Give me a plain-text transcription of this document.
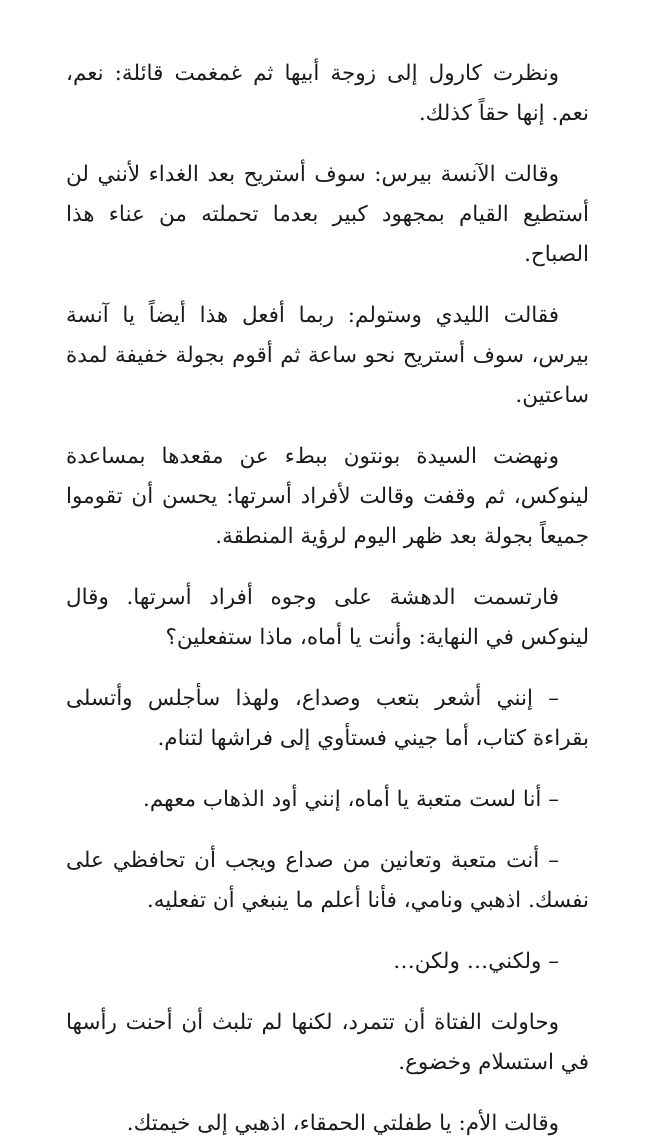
ونظرت كارول إلى زوجة أبيها ثم غمغمت قائلة: نعم، نعم. إنها حقاً كذلك.

وقالت الآنسة بيرس: سوف أستريح بعد الغداء لأنني لن أستطيع القيام بمجهود كبير بعدما تحملته من عناء هذا الصباح.

فقالت الليدي وستولم: ربما أفعل هذا أيضاً يا آنسة بيرس، سوف أستريح نحو ساعة ثم أقوم بجولة خفيفة لمدة ساعتين.

ونهضت السيدة بونتون ببطء عن مقعدها بمساعدة لينوكس، ثم وقفت وقالت لأفراد أسرتها: يحسن أن تقوموا جميعاً بجولة بعد ظهر اليوم لرؤية المنطقة.

فارتسمت الدهشة على وجوه أفراد أسرتها. وقال لينوكس في النهاية: وأنت يا أماه، ماذا ستفعلين؟

– إنني أشعر بتعب وصداع، ولهذا سأجلس وأتسلى بقراءة كتاب، أما جيني فستأوي إلى فراشها لتنام.

– أنا لست متعبة يا أماه، إنني أود الذهاب معهم.

– أنت متعبة وتعانين من صداع ويجب أن تحافظي على نفسك. اذهبي ونامي، فأنا أعلم ما ينبغي أن تفعليه.

– ولكني… ولكن…

وحاولت الفتاة أن تتمرد، لكنها لم تلبث أن أحنت رأسها في استسلام وخضوع.

وقالت الأم: يا طفلتي الحمقاء، اذهبي إلى خيمتك.
